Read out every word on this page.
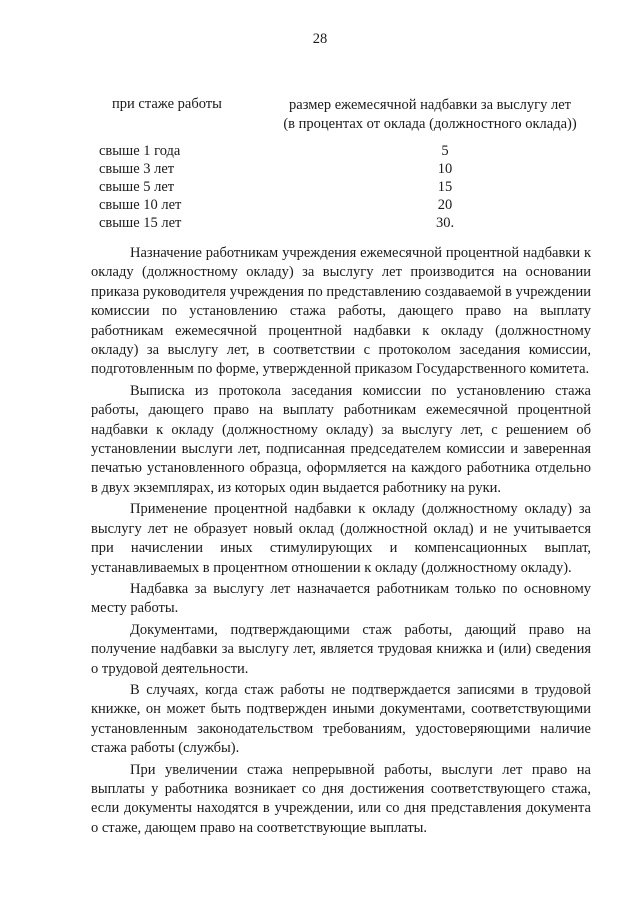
28
при стаже работы	размер ежемесячной надбавки за выслугу лет
(в процентах от оклада (должностного оклада))
свыше 1 года	5
свыше 3 лет	10
свыше 5 лет	15
свыше 10 лет	20
свыше 15 лет	30.

Назначение работникам учреждения ежемесячной процентной надбавки к окладу (должностному окладу) за выслугу лет производится на основании приказа руководителя учреждения по представлению создаваемой в учреждении комиссии по установлению стажа работы, дающего право на выплату работникам ежемесячной процентной надбавки к окладу (должностному окладу) за выслугу лет, в соответствии с протоколом заседания комиссии, подготовленным по форме, утвержденной приказом Государственного комитета.

Выписка из протокола заседания комиссии по установлению стажа работы, дающего право на выплату работникам ежемесячной процентной надбавки к окладу (должностному окладу) за выслугу лет, с решением об установлении выслуги лет, подписанная председателем комиссии и заверенная печатью установленного образца, оформляется на каждого работника отдельно в двух экземплярах, из которых один выдается работнику на руки.

Применение процентной надбавки к окладу (должностному окладу) за выслугу лет не образует новый оклад (должностной оклад) и не учитывается при начислении иных стимулирующих и компенсационных выплат, устанавливаемых в процентном отношении к окладу (должностному окладу).

Надбавка за выслугу лет назначается работникам только по основному месту работы.

Документами, подтверждающими стаж работы, дающий право на получение надбавки за выслугу лет, является трудовая книжка и (или) сведения о трудовой деятельности.

В случаях, когда стаж работы не подтверждается записями в трудовой книжке, он может быть подтвержден иными документами, соответствующими установленным законодательством требованиям, удостоверяющими наличие стажа работы (службы).

При увеличении стажа непрерывной работы, выслуги лет право на выплаты у работника возникает со дня достижения соответствующего стажа, если документы находятся в учреждении, или со дня представления документа о стаже, дающем право на соответствующие выплаты.
